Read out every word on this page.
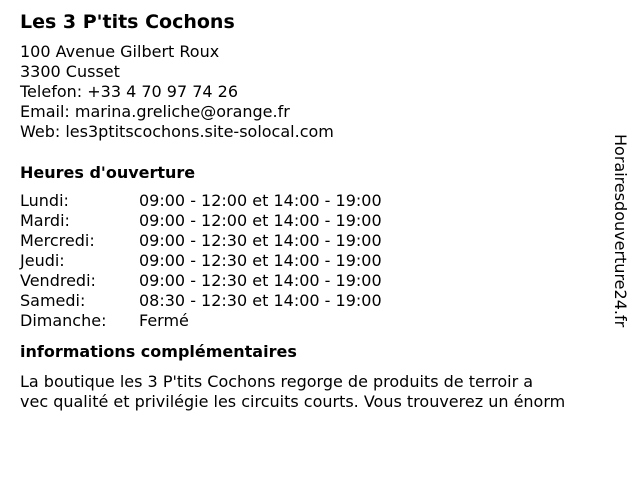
Les 3 P'tits Cochons
100 Avenue Gilbert Roux
3300 Cusset
Telefon: +33 4 70 97 74 26
Email: marina.greliche@orange.fr
Web: les3ptitscochons.site-solocal.com
Heures d'ouverture
Lundi:	09:00 - 12:00 et 14:00 - 19:00
Mardi:	09:00 - 12:00 et 14:00 - 19:00
Mercredi:	09:00 - 12:30 et 14:00 - 19:00
Jeudi:	09:00 - 12:30 et 14:00 - 19:00
Vendredi:	09:00 - 12:30 et 14:00 - 19:00
Samedi:	08:30 - 12:30 et 14:00 - 19:00
Dimanche:	Fermé
informations complémentaires
La boutique les 3 P'tits Cochons regorge de produits de terroir a
vec qualité et privilégie les circuits courts. Vous trouverez un énorm
Horairesdouverture24.fr
